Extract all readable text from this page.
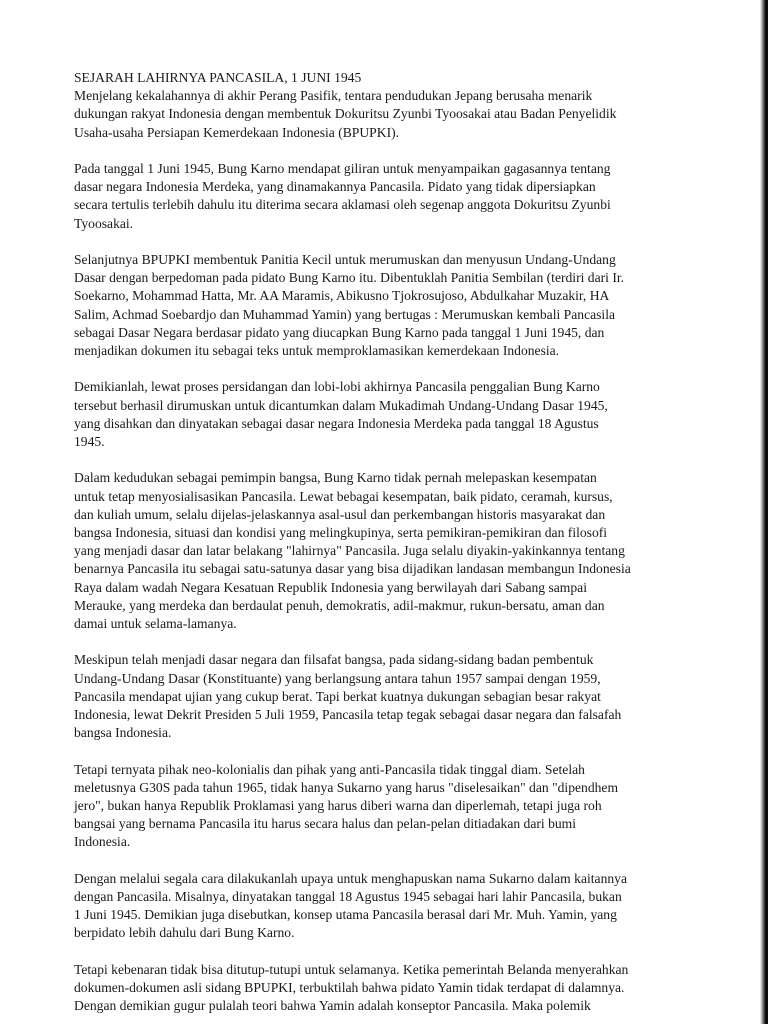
SEJARAH LAHIRNYA PANCASILA, 1 JUNI 1945

Menjelang kekalahannya di akhir Perang Pasifik, tentara pendudukan Jepang berusaha menarik
dukungan rakyat Indonesia dengan membentuk Dokuritsu Zyunbi Tyoosakai atau Badan Penyelidik
Usaha-usaha Persiapan Kemerdekaan Indonesia (BPUPKI).

Pada tanggal 1 Juni 1945, Bung Karno mendapat giliran untuk menyampaikan gagasannya tentang
dasar negara Indonesia Merdeka, yang dinamakannya Pancasila. Pidato yang tidak dipersiapkan
secara tertulis terlebih dahulu itu diterima secara aklamasi oleh segenap anggota Dokuritsu Zyunbi
Tyoosakai.

Selanjutnya BPUPKI membentuk Panitia Kecil untuk merumuskan dan menyusun Undang-Undang
Dasar dengan berpedoman pada pidato Bung Karno itu. Dibentuklah Panitia Sembilan (terdiri dari Ir.
Soekarno, Mohammad Hatta, Mr. AA Maramis, Abikusno Tjokrosujoso, Abdulkahar Muzakir, HA
Salim, Achmad Soebardjo dan Muhammad Yamin) yang bertugas : Merumuskan kembali Pancasila
sebagai Dasar Negara berdasar pidato yang diucapkan Bung Karno pada tanggal 1 Juni 1945, dan
menjadikan dokumen itu sebagai teks untuk memproklamasikan kemerdekaan Indonesia.

Demikianlah, lewat proses persidangan dan lobi-lobi akhirnya Pancasila penggalian Bung Karno
tersebut berhasil dirumuskan untuk dicantumkan dalam Mukadimah Undang-Undang Dasar 1945,
yang disahkan dan dinyatakan sebagai dasar negara Indonesia Merdeka pada tanggal 18 Agustus
1945.

Dalam kedudukan sebagai pemimpin bangsa, Bung Karno tidak pernah melepaskan kesempatan
untuk tetap menyosialisasikan Pancasila. Lewat bebagai kesempatan, baik pidato, ceramah, kursus,
dan kuliah umum, selalu dijelas-jelaskannya asal-usul dan perkembangan historis masyarakat dan
bangsa Indonesia, situasi dan kondisi yang melingkupinya, serta pemikiran-pemikiran dan filosofi
yang menjadi dasar dan latar belakang "lahirnya" Pancasila. Juga selalu diyakin-yakinkannya tentang
benarnya Pancasila itu sebagai satu-satunya dasar yang bisa dijadikan landasan membangun Indonesia
Raya dalam wadah Negara Kesatuan Republik Indonesia yang berwilayah dari Sabang sampai
Merauke, yang merdeka dan berdaulat penuh, demokratis, adil-makmur, rukun-bersatu, aman dan
damai untuk selama-lamanya.

Meskipun telah menjadi dasar negara dan filsafat bangsa, pada sidang-sidang badan pembentuk
Undang-Undang Dasar (Konstituante) yang berlangsung antara tahun 1957 sampai dengan 1959,
Pancasila mendapat ujian yang cukup berat. Tapi berkat kuatnya dukungan sebagian besar rakyat
Indonesia, lewat Dekrit Presiden 5 Juli 1959, Pancasila tetap tegak sebagai dasar negara dan falsafah
bangsa Indonesia.

Tetapi ternyata pihak neo-kolonialis dan pihak yang anti-Pancasila tidak tinggal diam. Setelah
meletusnya G30S pada tahun 1965, tidak hanya Sukarno yang harus "diselesaikan" dan "dipendhem
jero", bukan hanya Republik Proklamasi yang harus diberi warna dan diperlemah, tetapi juga roh
bangsai yang bernama Pancasila itu harus secara halus dan pelan-pelan ditiadakan dari bumi
Indonesia.

Dengan melalui segala cara dilakukanlah upaya untuk menghapuskan nama Sukarno dalam kaitannya
dengan Pancasila. Misalnya, dinyatakan tanggal 18 Agustus 1945 sebagai hari lahir Pancasila, bukan
1 Juni 1945. Demikian juga disebutkan, konsep utama Pancasila berasal dari Mr. Muh. Yamin, yang
berpidato lebih dahulu dari Bung Karno.

Tetapi kebenaran tidak bisa ditutup-tutupi untuk selamanya. Ketika pemerintah Belanda menyerahkan
dokumen-dokumen asli sidang BPUPKI, terbuktilah bahwa pidato Yamin tidak terdapat di dalamnya.
Dengan demikian gugur pulalah teori bahwa Yamin adalah konseptor Pancasila. Maka polemik
